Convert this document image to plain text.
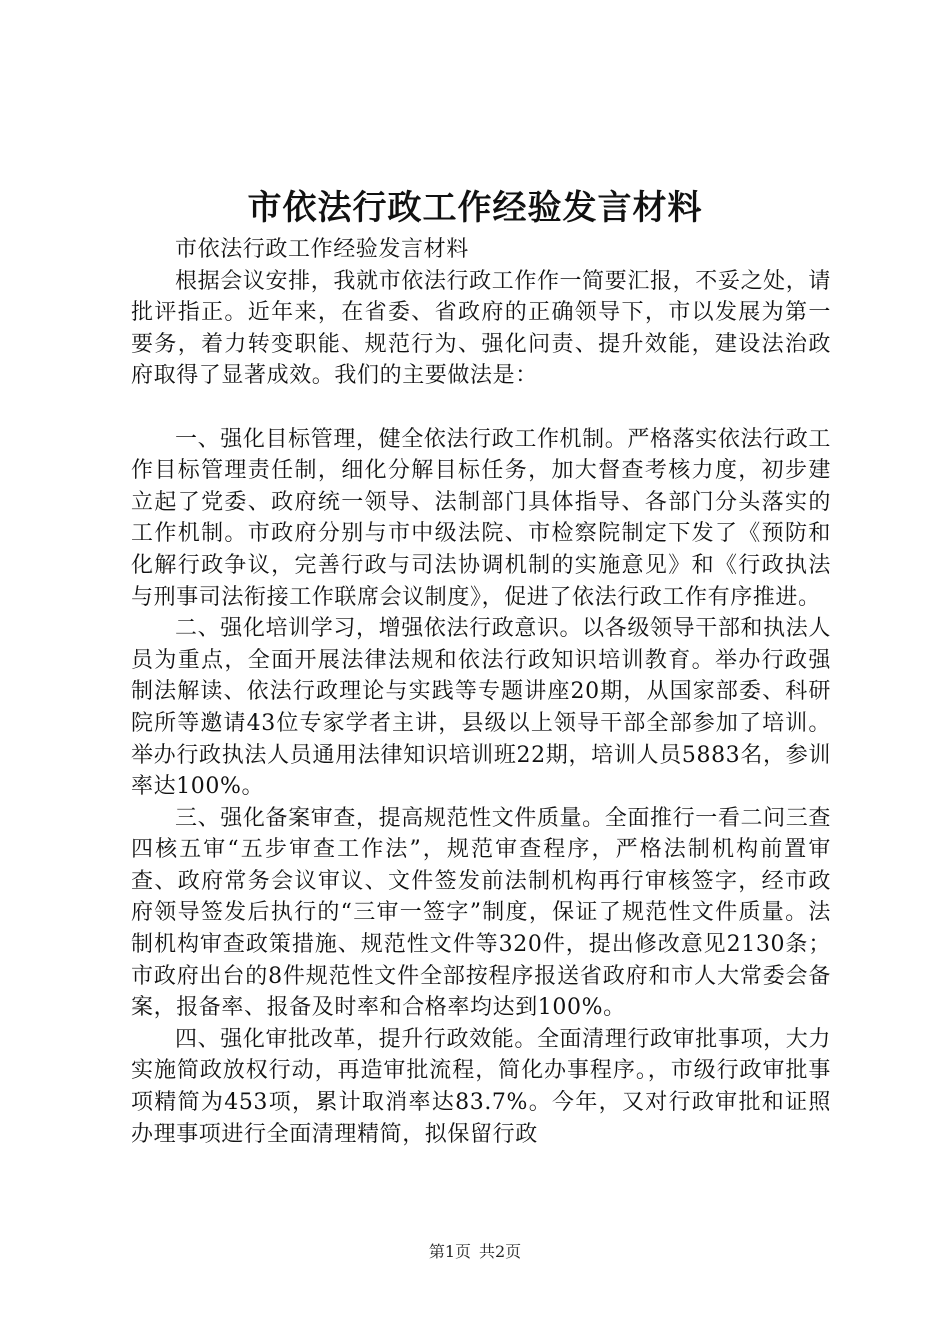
市依法行政工作经验发言材料

市依法行政工作经验发言材料

根据会议安排，我就市依法行政工作作一简要汇报，不妥之处，请批评指正。近年来，在省委、省政府的正确领导下，市以发展为第一要务，着力转变职能、规范行为、强化问责、提升效能，建设法治政府取得了显著成效。我们的主要做法是：

一、强化目标管理，健全依法行政工作机制。严格落实依法行政工作目标管理责任制，细化分解目标任务，加大督查考核力度，初步建立起了党委、政府统一领导、法制部门具体指导、各部门分头落实的工作机制。市政府分别与市中级法院、市检察院制定下发了《预防和化解行政争议，完善行政与司法协调机制的实施意见》和《行政执法与刑事司法衔接工作联席会议制度》，促进了依法行政工作有序推进。

二、强化培训学习，增强依法行政意识。以各级领导干部和执法人员为重点，全面开展法律法规和依法行政知识培训教育。举办行政强制法解读、依法行政理论与实践等专题讲座20期，从国家部委、科研院所等邀请43位专家学者主讲，县级以上领导干部全部参加了培训。举办行政执法人员通用法律知识培训班22期，培训人员5883名，参训率达100%。

三、强化备案审查，提高规范性文件质量。全面推行一看二问三查四核五审“五步审查工作法”，规范审查程序，严格法制机构前置审查、政府常务会议审议、文件签发前法制机构再行审核签字，经市政府领导签发后执行的“三审一签字”制度，保证了规范性文件质量。法制机构审查政策措施、规范性文件等320件，提出修改意见2130条；市政府出台的8件规范性文件全部按程序报送省政府和市人大常委会备案，报备率、报备及时率和合格率均达到100%。

四、强化审批改革，提升行政效能。全面清理行政审批事项，大力实施简政放权行动，再造审批流程，简化办事程序。，市级行政审批事项精简为453项，累计取消率达83.7%。今年，又对行政审批和证照办理事项进行全面清理精简，拟保留行政

第1页 共2页
